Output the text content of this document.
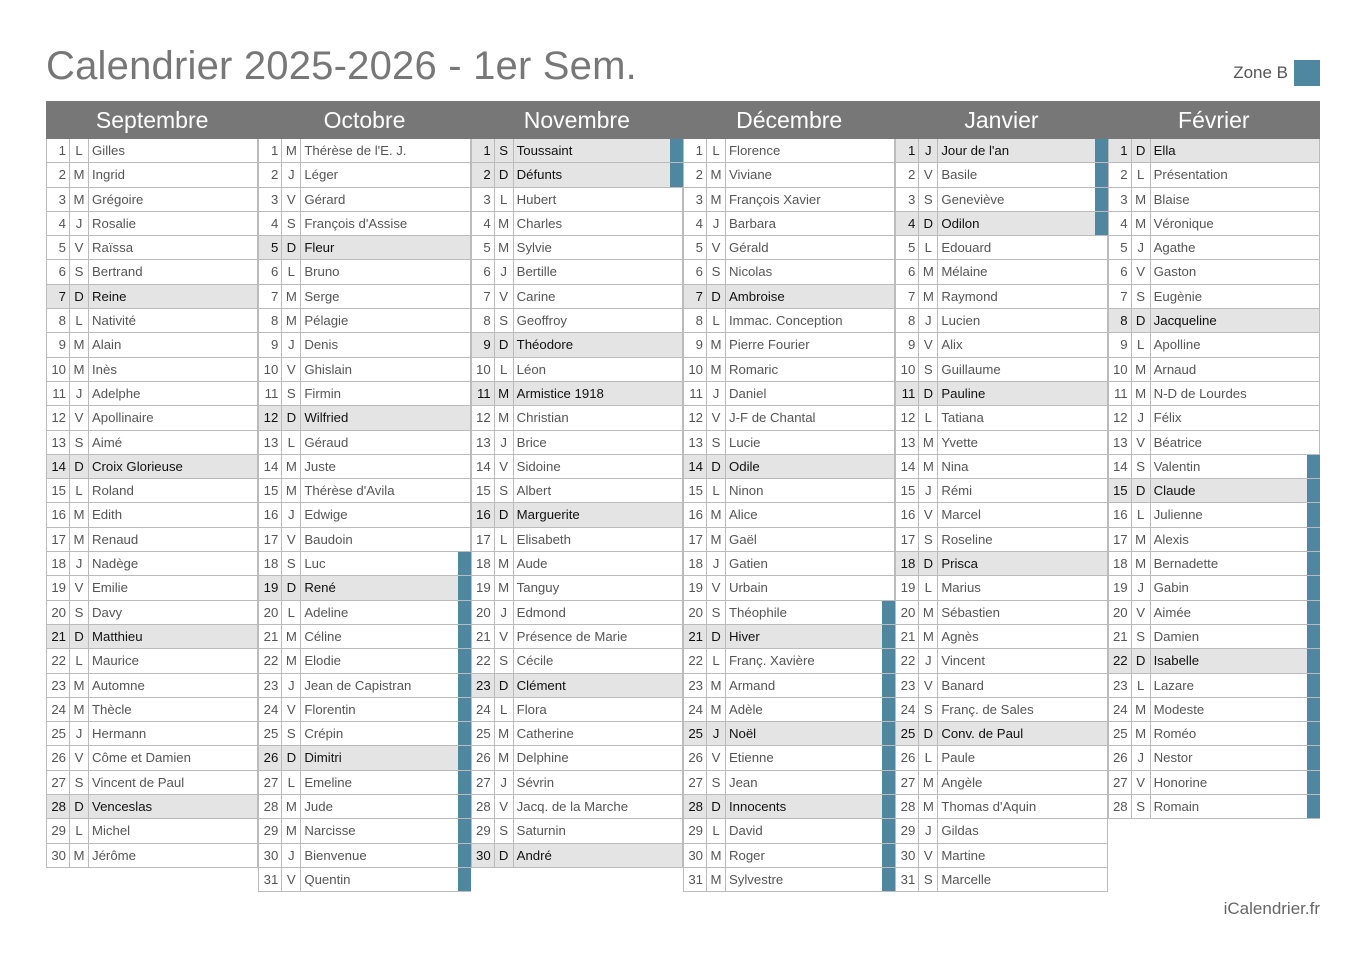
Calendrier 2025-2026 - 1er Sem.	Zone B
Septembre
1 L Gilles
2 M Ingrid
3 M Grégoire
4 J Rosalie
5 V Raïssa
6 S Bertrand
7 D Reine
8 L Nativité
9 M Alain
10 M Inès
11 J Adelphe
12 V Apollinaire
13 S Aimé
14 D Croix Glorieuse
15 L Roland
16 M Edith
17 M Renaud
18 J Nadège
19 V Emilie
20 S Davy
21 D Matthieu
22 L Maurice
23 M Automne
24 M Thècle
25 J Hermann
26 V Côme et Damien
27 S Vincent de Paul
28 D Venceslas
29 L Michel
30 M Jérôme
Octobre
1 M Thérèse de l'E. J.
2 J Léger
3 V Gérard
4 S François d'Assise
5 D Fleur
6 L Bruno
7 M Serge
8 M Pélagie
9 J Denis
10 V Ghislain
11 S Firmin
12 D Wilfried
13 L Géraud
14 M Juste
15 M Thérèse d'Avila
16 J Edwige
17 V Baudoin
18 S Luc
19 D René
20 L Adeline
21 M Céline
22 M Elodie
23 J Jean de Capistran
24 V Florentin
25 S Crépin
26 D Dimitri
27 L Emeline
28 M Jude
29 M Narcisse
30 J Bienvenue
31 V Quentin
Novembre
1 S Toussaint
2 D Défunts
3 L Hubert
4 M Charles
5 M Sylvie
6 J Bertille
7 V Carine
8 S Geoffroy
9 D Théodore
10 L Léon
11 M Armistice 1918
12 M Christian
13 J Brice
14 V Sidoine
15 S Albert
16 D Marguerite
17 L Elisabeth
18 M Aude
19 M Tanguy
20 J Edmond
21 V Présence de Marie
22 S Cécile
23 D Clément
24 L Flora
25 M Catherine
26 M Delphine
27 J Sévrin
28 V Jacq. de la Marche
29 S Saturnin
30 D André
Décembre
1 L Florence
2 M Viviane
3 M François Xavier
4 J Barbara
5 V Gérald
6 S Nicolas
7 D Ambroise
8 L Immac. Conception
9 M Pierre Fourier
10 M Romaric
11 J Daniel
12 V J-F de Chantal
13 S Lucie
14 D Odile
15 L Ninon
16 M Alice
17 M Gaël
18 J Gatien
19 V Urbain
20 S Théophile
21 D Hiver
22 L Franç. Xavière
23 M Armand
24 M Adèle
25 J Noël
26 V Etienne
27 S Jean
28 D Innocents
29 L David
30 M Roger
31 M Sylvestre
Janvier
1 J Jour de l'an
2 V Basile
3 S Geneviève
4 D Odilon
5 L Edouard
6 M Mélaine
7 M Raymond
8 J Lucien
9 V Alix
10 S Guillaume
11 D Pauline
12 L Tatiana
13 M Yvette
14 M Nina
15 J Rémi
16 V Marcel
17 S Roseline
18 D Prisca
19 L Marius
20 M Sébastien
21 M Agnès
22 J Vincent
23 V Banard
24 S Franç. de Sales
25 D Conv. de Paul
26 L Paule
27 M Angèle
28 M Thomas d'Aquin
29 J Gildas
30 V Martine
31 S Marcelle
Février
1 D Ella
2 L Présentation
3 M Blaise
4 M Véronique
5 J Agathe
6 V Gaston
7 S Eugènie
8 D Jacqueline
9 L Apolline
10 M Arnaud
11 M N-D de Lourdes
12 J Félix
13 V Béatrice
14 S Valentin
15 D Claude
16 L Julienne
17 M Alexis
18 M Bernadette
19 J Gabin
20 V Aimée
21 S Damien
22 D Isabelle
23 L Lazare
24 M Modeste
25 M Roméo
26 J Nestor
27 V Honorine
28 S Romain
iCalendrier.fr
